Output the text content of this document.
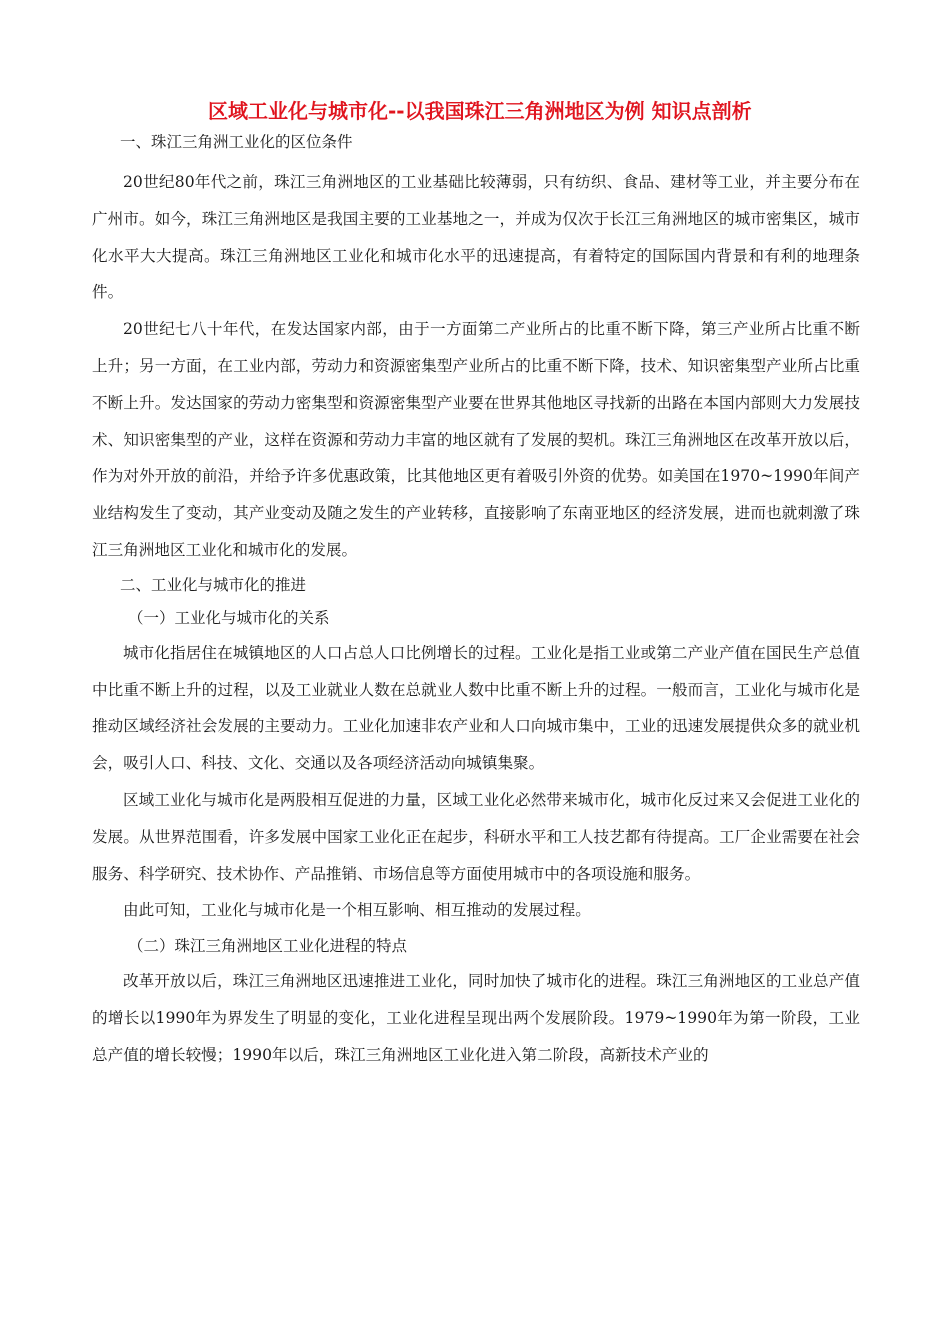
区域工业化与城市化--以我国珠江三角洲地区为例 知识点剖析

一、珠江三角洲工业化的区位条件

20世纪80年代之前，珠江三角洲地区的工业基础比较薄弱，只有纺织、食品、建材等工业，并主要分布在广州市。如今，珠江三角洲地区是我国主要的工业基地之一，并成为仅次于长江三角洲地区的城市密集区，城市化水平大大提高。珠江三角洲地区工业化和城市化水平的迅速提高，有着特定的国际国内背景和有利的地理条件。

20世纪七八十年代，在发达国家内部，由于一方面第二产业所占的比重不断下降，第三产业所占比重不断上升；另一方面，在工业内部，劳动力和资源密集型产业所占的比重不断下降，技术、知识密集型产业所占比重不断上升。发达国家的劳动力密集型和资源密集型产业要在世界其他地区寻找新的出路在本国内部则大力发展技术、知识密集型的产业，这样在资源和劳动力丰富的地区就有了发展的契机。珠江三角洲地区在改革开放以后，作为对外开放的前沿，并给予许多优惠政策，比其他地区更有着吸引外资的优势。如美国在1970~1990年间产业结构发生了变动，其产业变动及随之发生的产业转移，直接影响了东南亚地区的经济发展，进而也就刺激了珠江三角洲地区工业化和城市化的发展。

二、工业化与城市化的推进

（一）工业化与城市化的关系

城市化指居住在城镇地区的人口占总人口比例增长的过程。工业化是指工业或第二产业产值在国民生产总值中比重不断上升的过程，以及工业就业人数在总就业人数中比重不断上升的过程。一般而言，工业化与城市化是推动区域经济社会发展的主要动力。工业化加速非农产业和人口向城市集中，工业的迅速发展提供众多的就业机会，吸引人口、科技、文化、交通以及各项经济活动向城镇集聚。

区域工业化与城市化是两股相互促进的力量，区域工业化必然带来城市化，城市化反过来又会促进工业化的发展。从世界范围看，许多发展中国家工业化正在起步，科研水平和工人技艺都有待提高。工厂企业需要在社会服务、科学研究、技术协作、产品推销、市场信息等方面使用城市中的各项设施和服务。

由此可知，工业化与城市化是一个相互影响、相互推动的发展过程。

（二）珠江三角洲地区工业化进程的特点

改革开放以后，珠江三角洲地区迅速推进工业化，同时加快了城市化的进程。珠江三角洲地区的工业总产值的增长以1990年为界发生了明显的变化，工业化进程呈现出两个发展阶段。1979~1990年为第一阶段，工业总产值的增长较慢；1990年以后，珠江三角洲地区工业化进入第二阶段，高新技术产业的
